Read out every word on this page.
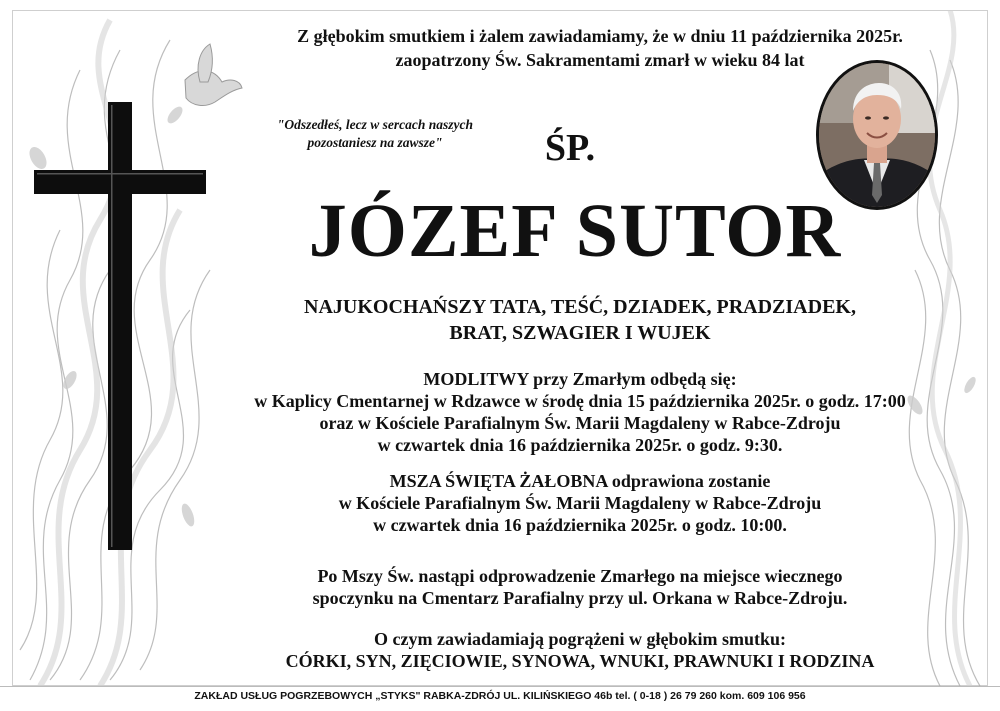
Z głębokim smutkiem i żalem zawiadamiamy, że w dniu 11 października 2025r.
zaopatrzony Św. Sakramentami zmarł w wieku 84 lat
"Odszedłeś, lecz w sercach naszych
pozostaniesz na zawsze"	ŚP.
JÓZEF SUTOR
NAJUKOCHAŃSZY TATA, TEŚĆ, DZIADEK, PRADZIADEK,
BRAT, SZWAGIER I WUJEK
MODLITWY przy Zmarłym odbędą się:
w Kaplicy Cmentarnej w Rdzawce w środę dnia 15 października 2025r. o godz. 17:00
oraz w Kościele Parafialnym Św. Marii Magdaleny w Rabce-Zdroju
w czwartek dnia 16 października 2025r. o godz. 9:30.
MSZA ŚWIĘTA ŻAŁOBNA odprawiona zostanie
w Kościele Parafialnym Św. Marii Magdaleny w Rabce-Zdroju
w czwartek dnia 16 października 2025r. o godz. 10:00.
Po Mszy Św. nastąpi odprowadzenie Zmarłego na miejsce wiecznego
spoczynku na Cmentarz Parafialny przy ul. Orkana w Rabce-Zdroju.
O czym zawiadamiają pogrążeni w głębokim smutku:
CÓRKI, SYN, ZIĘCIOWIE, SYNOWA, WNUKI, PRAWNUKI I RODZINA
ZAKŁAD USŁUG POGRZEBOWYCH „STYKS" RABKA-ZDRÓJ UL. KILIŃSKIEGO 46b tel. ( 0-18 ) 26 79 260 kom. 609 106 956
